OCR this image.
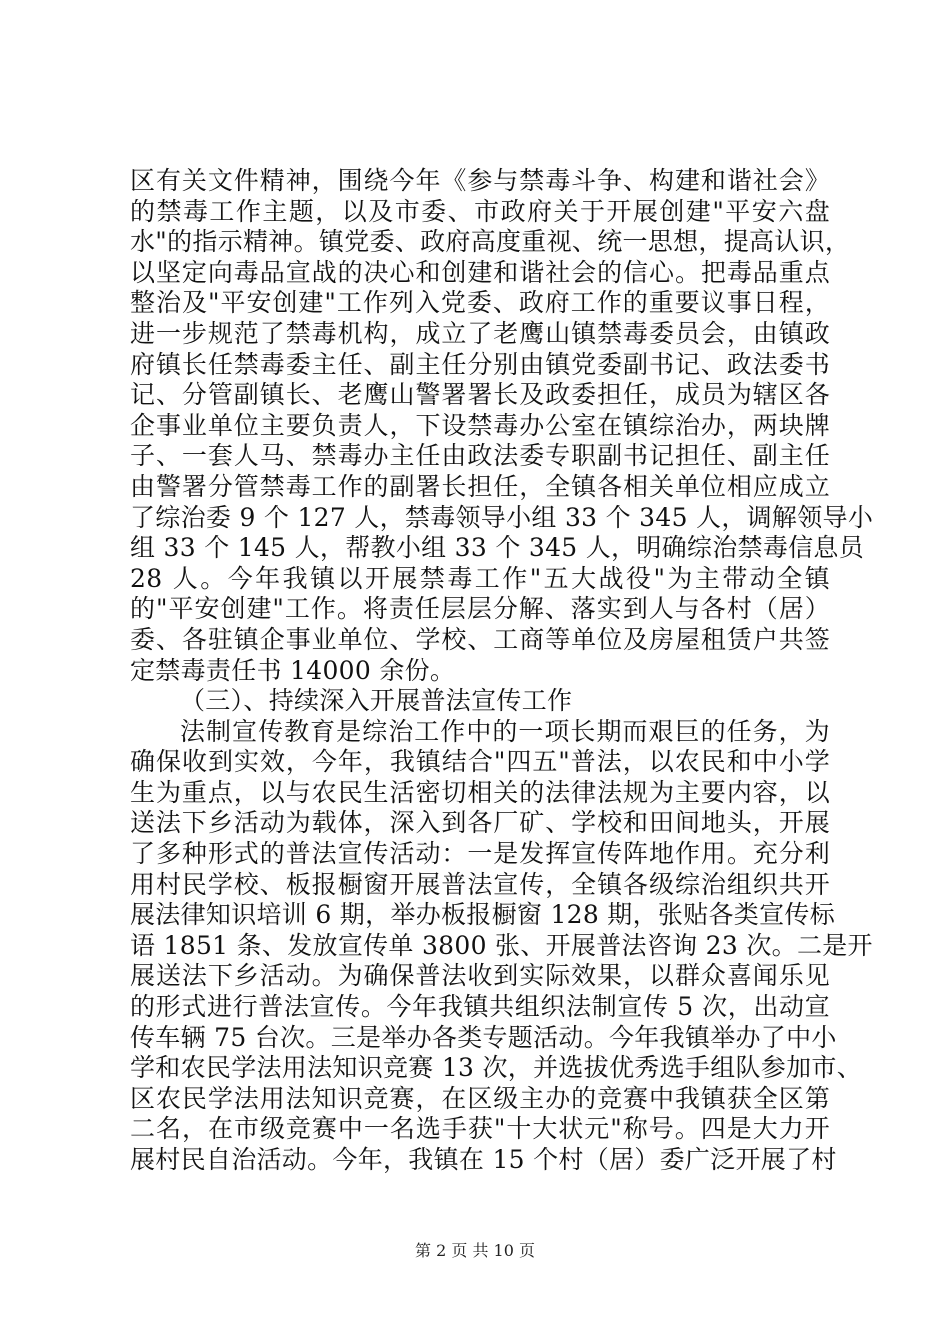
区有关文件精神，围绕今年《参与禁毒斗争、构建和谐社会》
的禁毒工作主题，以及市委、市政府关于开展创建"平安六盘
水"的指示精神。镇党委、政府高度重视、统一思想，提高认识，
以坚定向毒品宣战的决心和创建和谐社会的信心。把毒品重点
整治及"平安创建"工作列入党委、政府工作的重要议事日程，
进一步规范了禁毒机构，成立了老鹰山镇禁毒委员会，由镇政
府镇长任禁毒委主任、副主任分别由镇党委副书记、政法委书
记、分管副镇长、老鹰山警署署长及政委担任，成员为辖区各
企事业单位主要负责人，下设禁毒办公室在镇综治办，两块牌
子、一套人马、禁毒办主任由政法委专职副书记担任、副主任
由警署分管禁毒工作的副署长担任，全镇各相关单位相应成立
了综治委 9 个 127 人，禁毒领导小组 33 个 345 人，调解领导小
组 33 个 145 人，帮教小组 33 个 345 人，明确综治禁毒信息员
28 人。今年我镇以开展禁毒工作"五大战役"为主带动全镇
的"平安创建"工作。将责任层层分解、落实到人与各村（居）
委、各驻镇企事业单位、学校、工商等单位及房屋租赁户共签
定禁毒责任书 14000 余份。
（三）、持续深入开展普法宣传工作
法制宣传教育是综治工作中的一项长期而艰巨的任务，为
确保收到实效，今年，我镇结合"四五"普法，以农民和中小学
生为重点，以与农民生活密切相关的法律法规为主要内容，以
送法下乡活动为载体，深入到各厂矿、学校和田间地头，开展
了多种形式的普法宣传活动：一是发挥宣传阵地作用。充分利
用村民学校、板报橱窗开展普法宣传，全镇各级综治组织共开
展法律知识培训 6 期，举办板报橱窗 128 期，张贴各类宣传标
语 1851 条、发放宣传单 3800 张、开展普法咨询 23 次。二是开
展送法下乡活动。为确保普法收到实际效果，以群众喜闻乐见
的形式进行普法宣传。今年我镇共组织法制宣传 5 次，出动宣
传车辆 75 台次。三是举办各类专题活动。今年我镇举办了中小
学和农民学法用法知识竞赛 13 次，并选拔优秀选手组队参加市、
区农民学法用法知识竞赛，在区级主办的竞赛中我镇获全区第
二名，在市级竞赛中一名选手获"十大状元"称号。四是大力开
展村民自治活动。今年，我镇在 15 个村（居）委广泛开展了村
第 2 页 共 10 页
